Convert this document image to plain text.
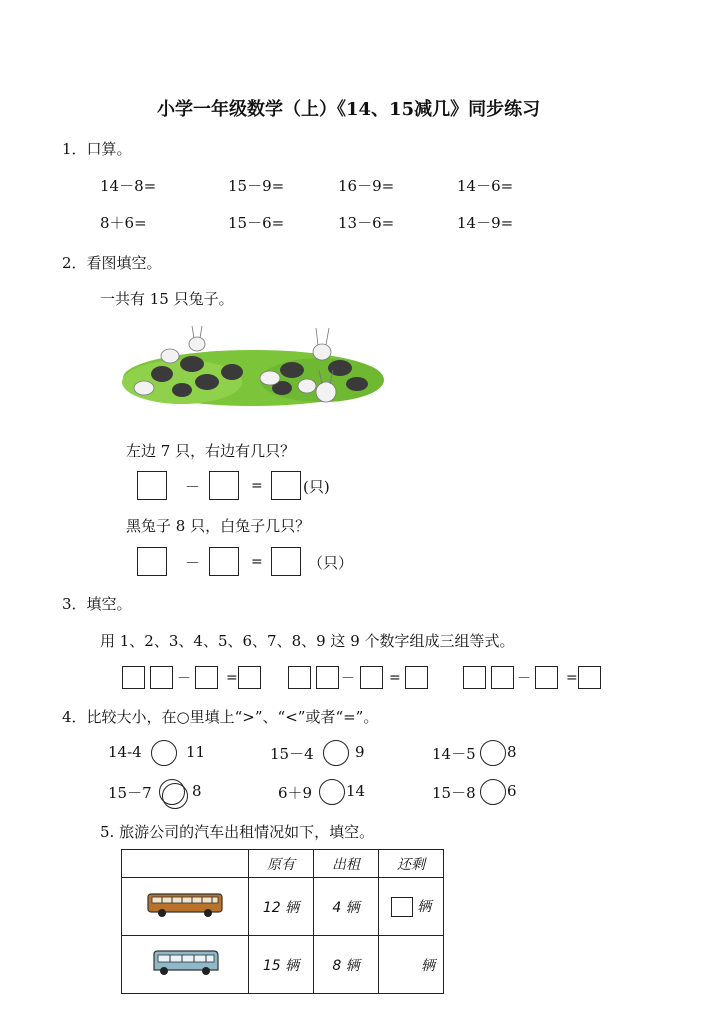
小学一年级数学（上）《14、15减几》同步练习
1．口算。
14－8=	15－9=	16－9=	14－6=
8＋6=	15－6=	13－6=	14－9=
2．看图填空。
一共有 15 只兔子。
左边 7 只，右边有几只？
－	=	(只)
黑兔子 8 只，白兔子几只？
－	=	（只）
3．填空。
用 1、2、3、4、5、6、7、8、9 这 9 个数字组成三组等式。
－	=	－ =	－	=
4．比较大小，在○里填上“>”、“<”或者“=”。
14-4	11	15－4	9	14－5 8
15－7	8	6＋9 14	15－8 6
5. 旅游公司的汽车出租情况如下，填空。
	原有	出租	还剩
	12 辆	4 辆	辆
	15 辆	8 辆	辆
